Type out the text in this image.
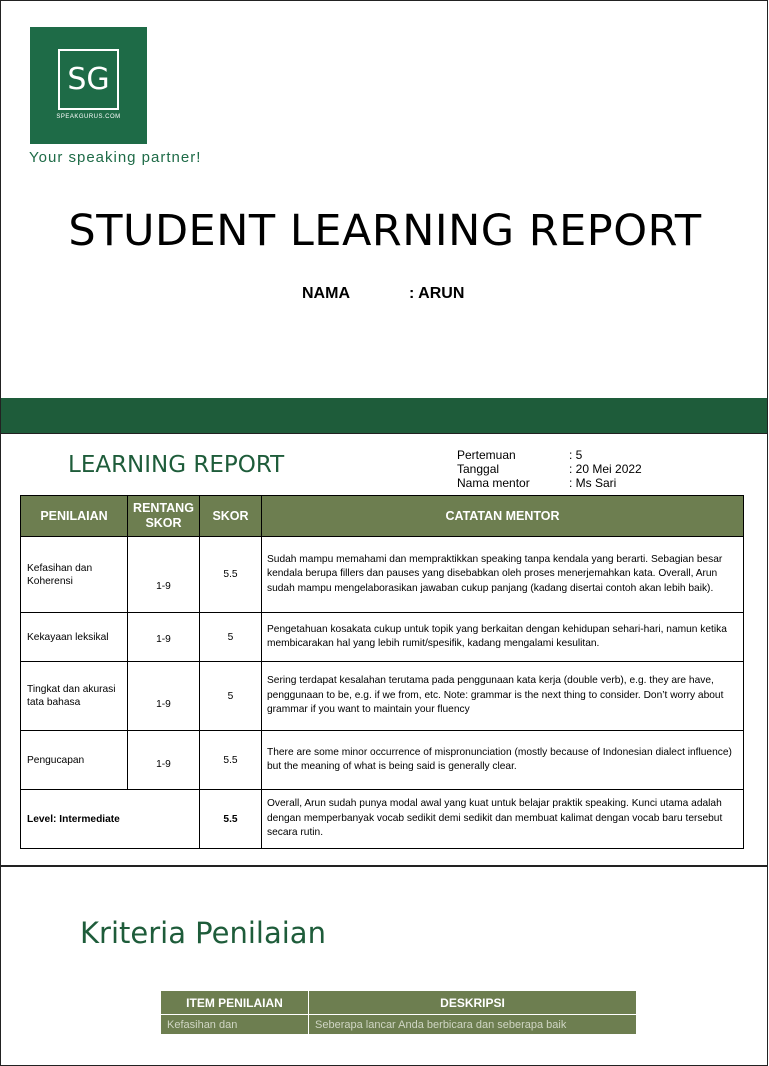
SG
SPEAKGURUS.COM
Your speaking partner!
STUDENT LEARNING REPORT
NAMA	: ARUN
LEARNING REPORT	Pertemuan	: 5
Tanggal	: 20 Mei 2022
Nama mentor	: Ms Sari
PENILAIAN	RENTANG SKOR	SKOR	CATATAN MENTOR
Kefasihan dan Koherensi	1-9	5.5	Sudah mampu memahami dan mempraktikkan speaking tanpa kendala yang berarti. Sebagian besar kendala berupa fillers dan pauses yang disebabkan oleh proses menerjemahkan kata. Overall, Arun sudah mampu mengelaborasikan jawaban cukup panjang (kadang disertai contoh akan lebih baik).
Kekayaan leksikal	1-9	5	Pengetahuan kosakata cukup untuk topik yang berkaitan dengan kehidupan sehari-hari, namun ketika membicarakan hal yang lebih rumit/spesifik, kadang mengalami kesulitan.
Tingkat dan akurasi tata bahasa	1-9	5	Sering terdapat kesalahan terutama pada penggunaan kata kerja (double verb), e.g. they are have, penggunaan to be, e.g. if we from, etc. Note: grammar is the next thing to consider. Don’t worry about grammar if you want to maintain your fluency
Pengucapan	1-9	5.5	There are some minor occurrence of mispronunciation (mostly because of Indonesian dialect influence) but the meaning of what is being said is generally clear.
Level: Intermediate		5.5	Overall, Arun sudah punya modal awal yang kuat untuk belajar praktik speaking. Kunci utama adalah dengan memperbanyak vocab sedikit demi sedikit dan membuat kalimat dengan vocab baru tersebut secara rutin.
Kriteria Penilaian
ITEM PENILAIAN	DESKRIPSI
Kefasihan dan	Seberapa lancar Anda berbicara dan seberapa baik
